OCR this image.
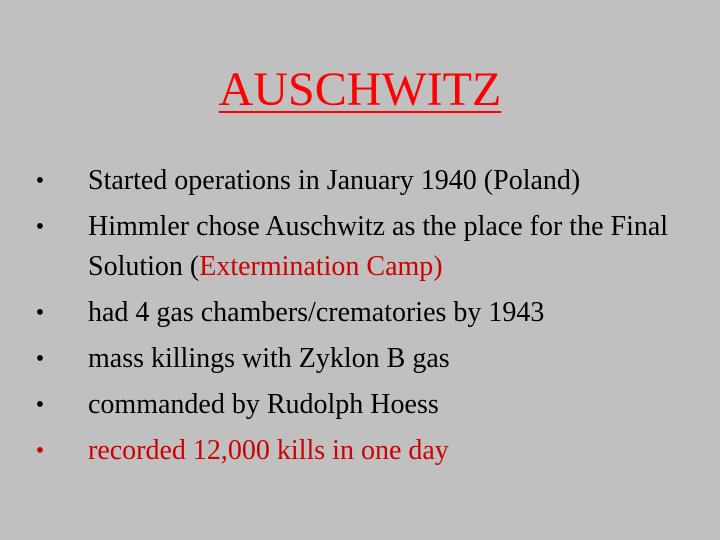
AUSCHWITZ
• Started operations in January 1940 (Poland)
• Himmler chose Auschwitz as the place for the Final Solution (Extermination Camp)
• had 4 gas chambers/crematories by 1943
• mass killings with Zyklon B gas
• commanded by Rudolph Hoess
• recorded 12,000 kills in one day
